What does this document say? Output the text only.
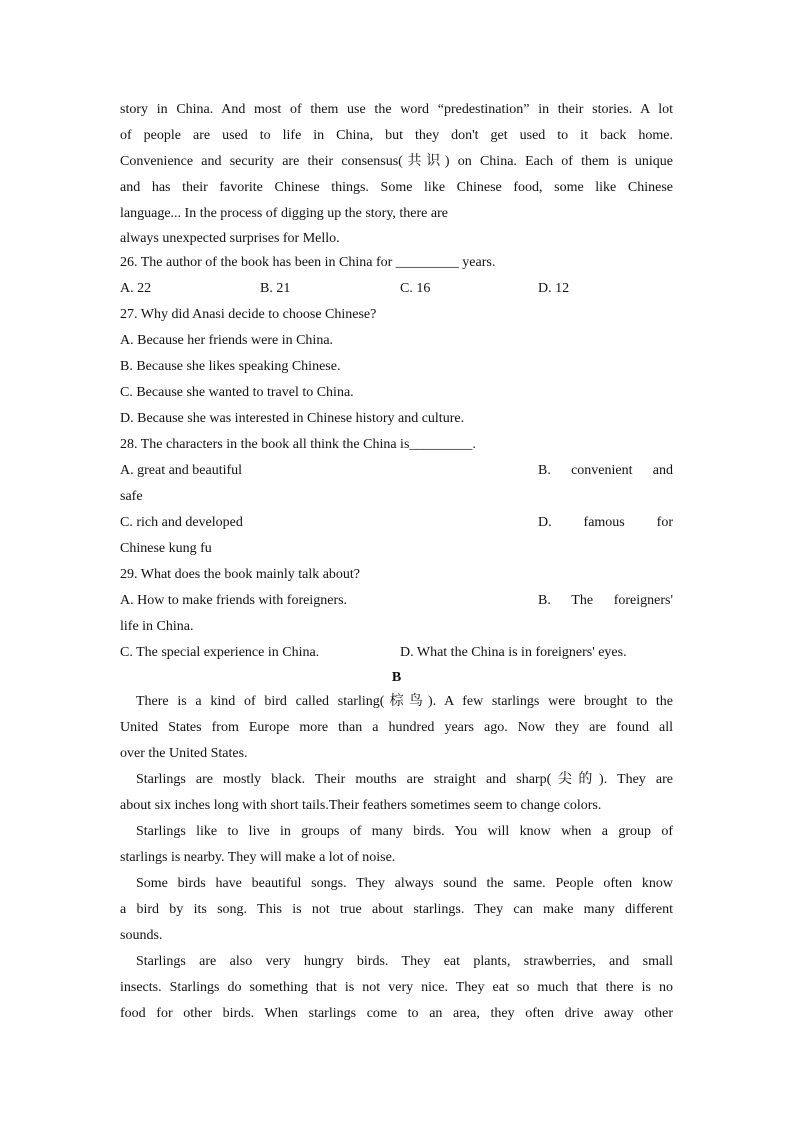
story in China. And most of them use the word “predestination” in their stories. A lot
of people are used to life in China, but they don't get used to it back home.
Convenience and security are their consensus(共识) on China. Each of them is unique
and has their favorite Chinese things. Some like Chinese food, some like Chinese
language... In the process of digging up the story, there are
always unexpected surprises for Mello.
26. The author of the book has been in China for _________ years.
A. 22	B. 21	C. 16	D. 12
27. Why did Anasi decide to choose Chinese?
A. Because her friends were in China.
B. Because she likes speaking Chinese.
C. Because she wanted to travel to China.
D. Because she was interested in Chinese history and culture.
28. The characters in the book all think the China is_________.
A. great and beautiful	B. convenient and
safe
C. rich and developed	D. famous for
Chinese kung fu
29. What does the book mainly talk about?
A. How to make friends with foreigners.	B. The foreigners'
life in China.
C. The special experience in China.	D. What the China is in foreigners' eyes.
B
There is a kind of bird called starling(棕鸟). A few starlings were brought to the
United States from Europe more than a hundred years ago. Now they are found all
over the United States.
Starlings are mostly black. Their mouths are straight and sharp(尖的). They are
about six inches long with short tails.Their feathers sometimes seem to change colors.
Starlings like to live in groups of many birds. You will know when a group of
starlings is nearby. They will make a lot of noise.
Some birds have beautiful songs. They always sound the same. People often know
a bird by its song. This is not true about starlings. They can make many different
sounds.
Starlings are also very hungry birds. They eat plants, strawberries, and small
insects. Starlings do something that is not very nice. They eat so much that there is no
food for other birds. When starlings come to an area, they often drive away other
